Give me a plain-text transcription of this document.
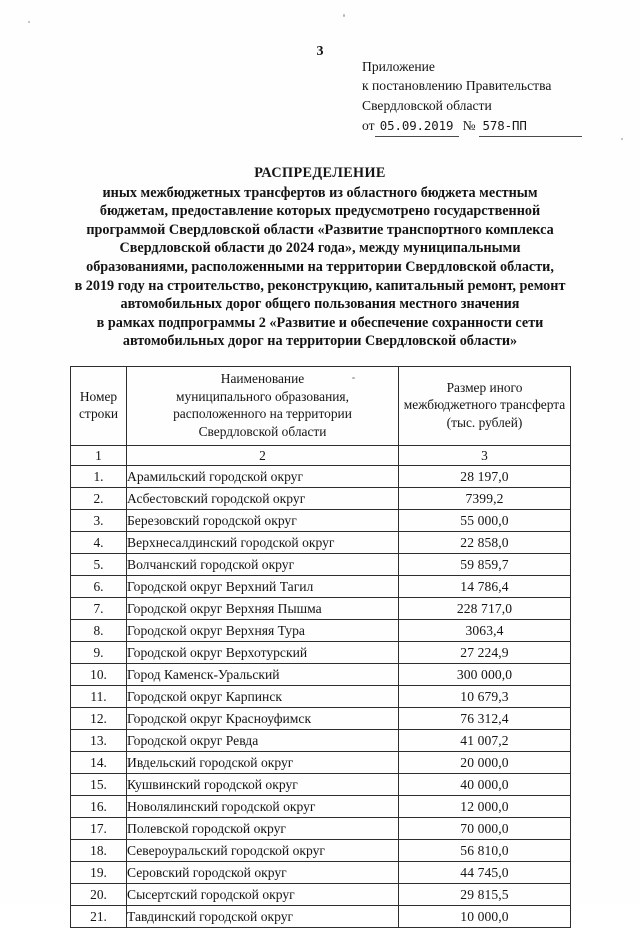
3
Приложение
к постановлению Правительства
Свердловской области
от 05.09.2019 № 578-ПП
РАСПРЕДЕЛЕНИЕ
иных межбюджетных трансфертов из областного бюджета местным
бюджетам, предоставление которых предусмотрено государственной
программой Свердловской области «Развитие транспортного комплекса
Свердловской области до 2024 года», между муниципальными
образованиями, расположенными на территории Свердловской области,
в 2019 году на строительство, реконструкцию, капитальный ремонт, ремонт
автомобильных дорог общего пользования местного значения
в рамках подпрограммы 2 «Развитие и обеспечение сохранности сети
автомобильных дорог на территории Свердловской области»
Номер
строки	Наименование
муниципального образования,
расположенного на территории
Свердловской области	Размер иного
межбюджетного трансферта
(тыс. рублей)

1	2	3
1.	Арамильский городской округ	28 197,0
2.	Асбестовский городской округ	7399,2
3.	Березовский городской округ	55 000,0
4.	Верхнесалдинский городской округ	22 858,0
5.	Волчанский городской округ	59 859,7
6.	Городской округ Верхний Тагил	14 786,4
7.	Городской округ Верхняя Пышма	228 717,0
8.	Городской округ Верхняя Тура	3063,4
9.	Городской округ Верхотурский	27 224,9
10.	Город Каменск-Уральский	300 000,0
11.	Городской округ Карпинск	10 679,3
12.	Городской округ Красноуфимск	76 312,4
13.	Городской округ Ревда	41 007,2
14.	Ивдельский городской округ	20 000,0
15.	Кушвинский городской округ	40 000,0
16.	Новолялинский городской округ	12 000,0
17.	Полевской городской округ	70 000,0
18.	Североуральский городской округ	56 810,0
19.	Серовский городской округ	44 745,0
20.	Сысертский городской округ	29 815,5
21.	Тавдинский городской округ	10 000,0
